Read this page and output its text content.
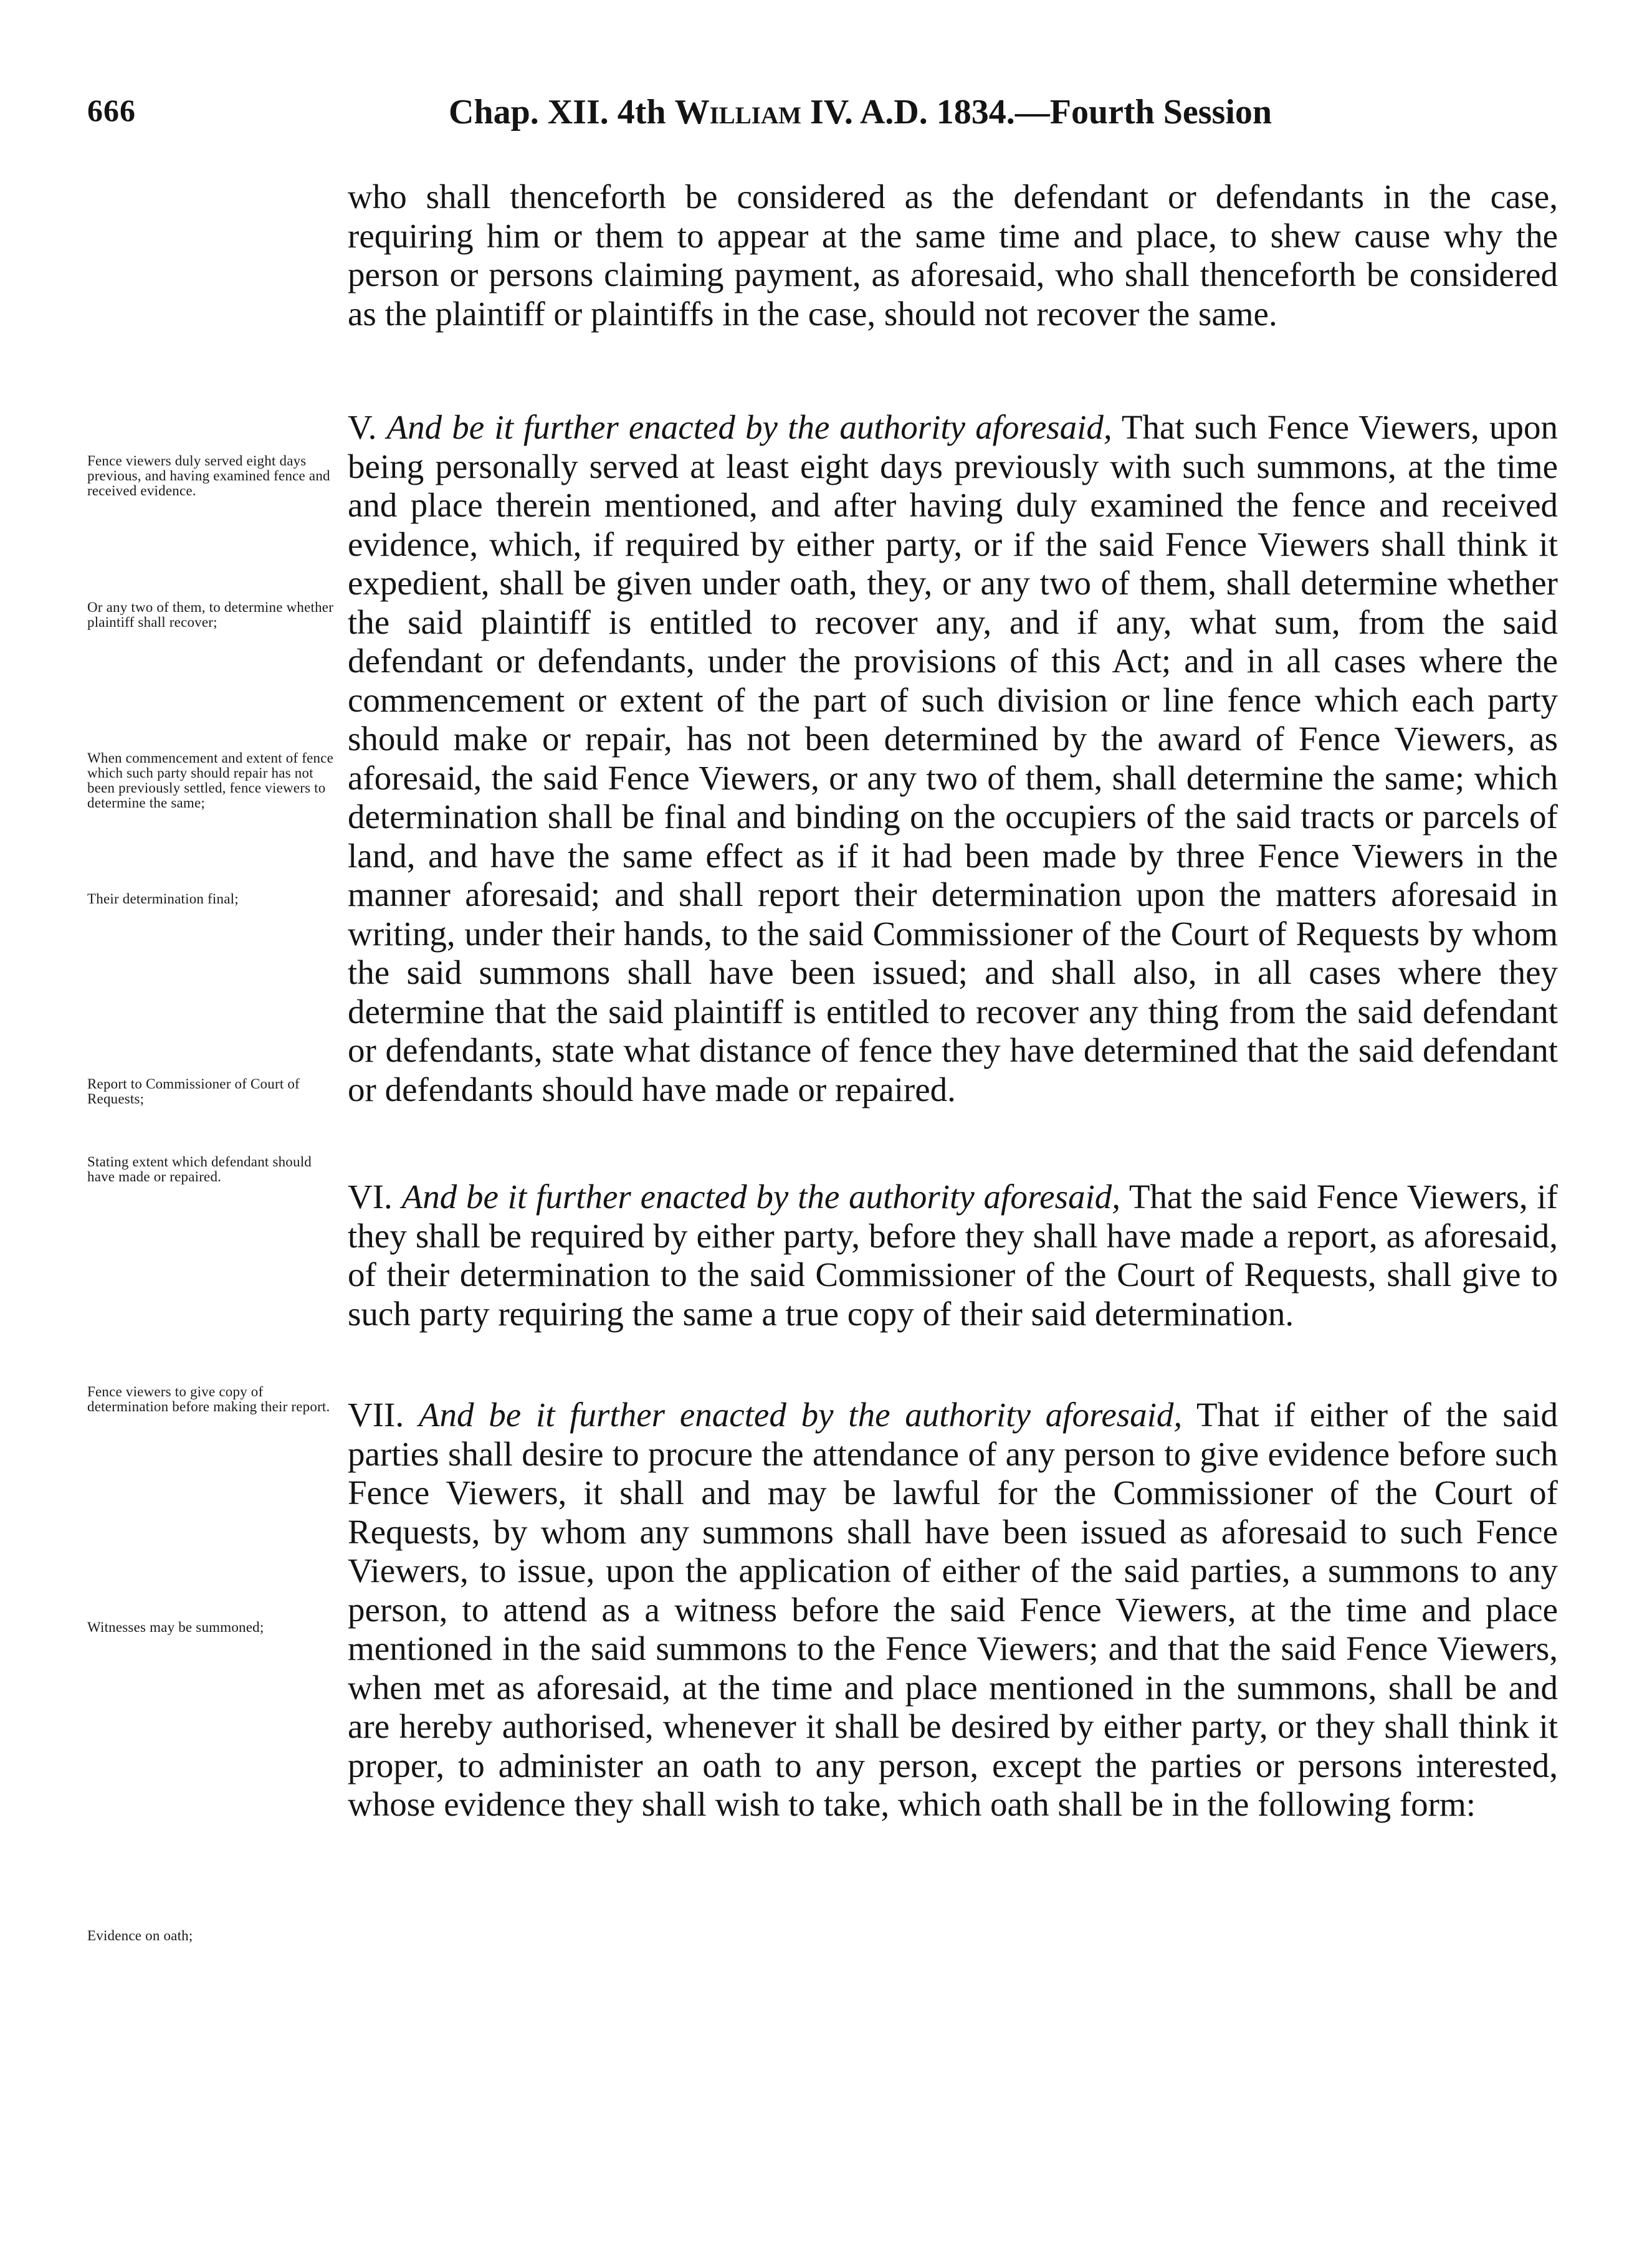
666	Chap. XII. 4th William IV. A.D. 1834.—Fourth Session

who shall thenceforth be considered as the defendant or defendants in the case, requiring him or them to appear at the same time and place, to shew cause why the person or persons claiming payment, as aforesaid, who shall thenceforth be considered as the plaintiff or plaintiffs in the case, should not recover the same.

V. And be it further enacted by the authority aforesaid, That such Fence Viewers, upon being personally served at least eight days previously with such summons, at the time and place therein mentioned, and after having duly examined the fence and received evidence, which, if required by either party, or if the said Fence Viewers shall think it expedient, shall be given under oath, they, or any two of them, shall determine whether the said plaintiff is entitled to recover any, and if any, what sum, from the said defendant or defendants, under the provisions of this Act; and in all cases where the commencement or extent of the part of such division or line fence which each party should make or repair, has not been determined by the award of Fence Viewers, as aforesaid, the said Fence Viewers, or any two of them, shall determine the same; which determination shall be final and binding on the occupiers of the said tracts or parcels of land, and have the same effect as if it had been made by three Fence Viewers in the manner aforesaid; and shall report their determination upon the matters aforesaid in writing, under their hands, to the said Commissioner of the Court of Requests by whom the said summons shall have been issued; and shall also, in all cases where they determine that the said plaintiff is entitled to recover any thing from the said defendant or defendants, state what distance of fence they have determined that the said defendant or defendants should have made or repaired.

VI. And be it further enacted by the authority aforesaid, That the said Fence Viewers, if they shall be required by either party, before they shall have made a report, as aforesaid, of their determination to the said Commissioner of the Court of Requests, shall give to such party requiring the same a true copy of their said determination.

VII. And be it further enacted by the authority aforesaid, That if either of the said parties shall desire to procure the attendance of any person to give evidence before such Fence Viewers, it shall and may be lawful for the Commissioner of the Court of Requests, by whom any summons shall have been issued as aforesaid to such Fence Viewers, to issue, upon the application of either of the said parties, a summons to any person, to attend as a witness before the said Fence Viewers, at the time and place mentioned in the said summons to the Fence Viewers; and that the said Fence Viewers, when met as aforesaid, at the time and place mentioned in the summons, shall be and are hereby authorised, whenever it shall be desired by either party, or they shall think it proper, to administer an oath to any person, except the parties or persons interested, whose evidence they shall wish to take, which oath shall be in the following form:

Fence viewers duly served eight days previous, and having examined fence and received evidence.
Or any two of them, to determine whether plaintiff shall recover;
When commencement and extent of fence which such party should repair has not been previously settled, fence viewers to determine the same;
Their determination final;
Report to Commissioner of Court of Requests;
Stating extent which defendant should have made or repaired.
Fence viewers to give copy of determination before making their report.
Witnesses may be summoned;
Evidence on oath;
